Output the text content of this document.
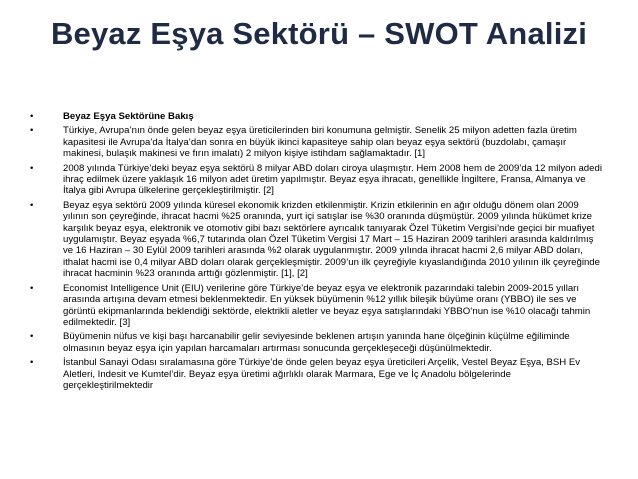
Beyaz Eşya Sektörü – SWOT Analizi
•	Beyaz Eşya Sektörüne Bakış
•	Türkiye, Avrupa’nın önde gelen beyaz eşya üreticilerinden biri konumuna gelmiştir. Senelik 25 milyon adetten fazla üretim kapasitesi ile Avrupa’da İtalya’dan sonra en büyük ikinci kapasiteye sahip olan beyaz eşya sektörü (buzdolabı, çamaşır makinesi, bulaşık makinesi ve fırın imalatı) 2 milyon kişiye istihdam sağlamaktadır. [1]
•	2008 yılında Türkiye’deki beyaz eşya sektörü 8 milyar ABD doları ciroya ulaşmıştır. Hem 2008 hem de 2009’da 12 milyon adedi ihraç edilmek üzere yaklaşık 16 milyon adet üretim yapılmıştır. Beyaz eşya ihracatı, genellikle İngiltere, Fransa, Almanya ve İtalya gibi Avrupa ülkelerine gerçekleştirilmiştir. [2]
•	Beyaz eşya sektörü 2009 yılında küresel ekonomik krizden etkilenmiştir. Krizin etkilerinin en ağır olduğu dönem olan 2009 yılının son çeyreğinde, ihracat hacmi %25 oranında, yurt içi satışlar ise %30 oranında düşmüştür. 2009 yılında hükümet krize karşılık beyaz eşya, elektronik ve otomotiv gibi bazı sektörlere ayrıcalık tanıyarak Özel Tüketim Vergisi’nde geçici bir muafiyet uygulamıştır. Beyaz eşyada %6,7 tutarında olan Özel Tüketim Vergisi 17 Mart – 15 Haziran 2009 tarihleri arasında kaldırılmış ve 16 Haziran – 30 Eylül 2009 tarihleri arasında %2 olarak uygulanmıştır. 2009 yılında ihracat hacmi 2,6 milyar ABD doları, ithalat hacmi ise 0,4 milyar ABD doları olarak gerçekleşmiştir. 2009’un ilk çeyreğiyle kıyaslandığında 2010 yılının ilk çeyreğinde ihracat hacminin %23 oranında arttığı gözlenmiştir. [1], [2]
•	Economist Intelligence Unit (EIU) verilerine göre Türkiye’de beyaz eşya ve elektronik pazarındaki talebin 2009-2015 yılları arasında artışına devam etmesi beklenmektedir. En yüksek büyümenin %12 yıllık bileşik büyüme oranı (YBBO) ile ses ve görüntü ekipmanlarında beklendiği sektörde, elektrikli aletler ve beyaz eşya satışlarındaki YBBO’nun ise %10 olacağı tahmin edilmektedir. [3]
•	Büyümenin nüfus ve kişi başı harcanabilir gelir seviyesinde beklenen artışın yanında hane ölçeğinin küçülme eğiliminde olmasının beyaz eşya için yapılan harcamaları artırması sonucunda gerçekleşeceği düşünülmektedir.
•	İstanbul Sanayi Odası sıralamasına göre Türkiye’de önde gelen beyaz eşya üreticileri Arçelik, Vestel Beyaz Eşya, BSH Ev Aletleri, Indesit ve Kumtel’dir. Beyaz eşya üretimi ağırlıklı olarak Marmara, Ege ve İç Anadolu bölgelerinde gerçekleştirilmektedir
